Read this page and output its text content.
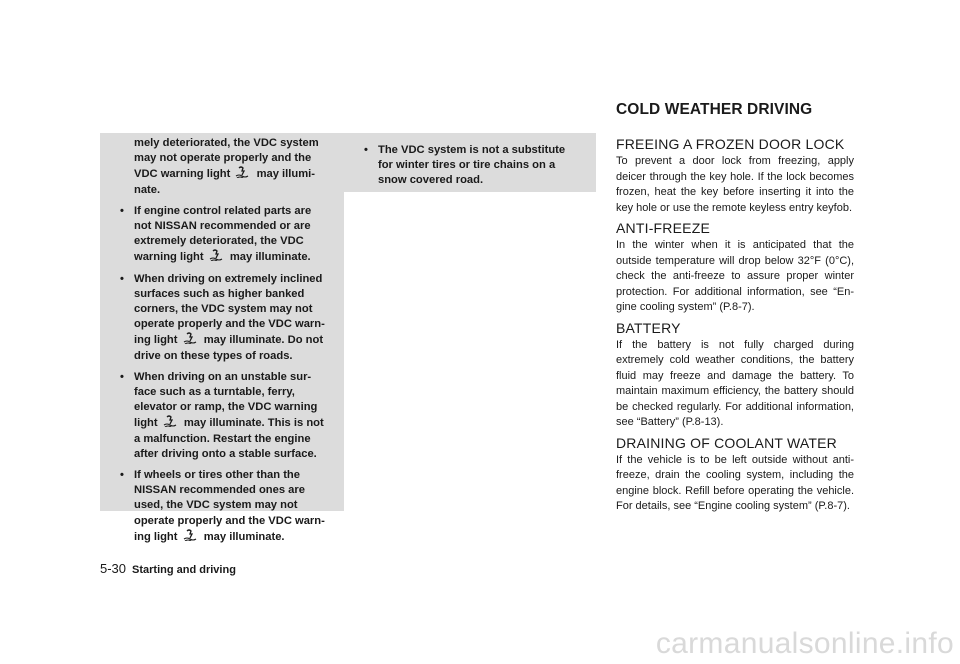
mely deteriorated, the VDC system
may not operate properly and the
VDC warning light may illumi-
nate.

• If engine control related parts are
not NISSAN recommended or are
extremely deteriorated, the VDC
warning light may illuminate.

• When driving on extremely inclined
surfaces such as higher banked
corners, the VDC system may not
operate properly and the VDC warn-
ing light may illuminate. Do not
drive on these types of roads.

• When driving on an unstable sur-
face such as a turntable, ferry,
elevator or ramp, the VDC warning
light may illuminate. This is not
a malfunction. Restart the engine
after driving onto a stable surface.

• If wheels or tires other than the
NISSAN recommended ones are
used, the VDC system may not
operate properly and the VDC warn-
ing light may illuminate.

• The VDC system is not a substitute
for winter tires or tire chains on a
snow covered road.

COLD WEATHER DRIVING
FREEING A FROZEN DOOR LOCK

To prevent a door lock from freezing, apply deicer through the key hole. If the lock becomes frozen, heat the key before inserting it into the key hole or use the remote keyless entry keyfob.

ANTI-FREEZE

In the winter when it is anticipated that the outside temperature will drop below 32°F (0°C), check the anti-freeze to assure proper winter protection. For additional information, see “En-gine cooling system” (P.8-7).

BATTERY

If the battery is not fully charged during extremely cold weather conditions, the battery fluid may freeze and damage the battery. To maintain maximum efficiency, the battery should be checked regularly. For additional information, see “Battery” (P.8-13).

DRAINING OF COOLANT WATER

If the vehicle is to be left outside without anti-freeze, drain the cooling system, including the engine block. Refill before operating the vehicle. For details, see “Engine cooling system” (P.8-7).

5-30 Starting and driving
carmanualsonline.info
